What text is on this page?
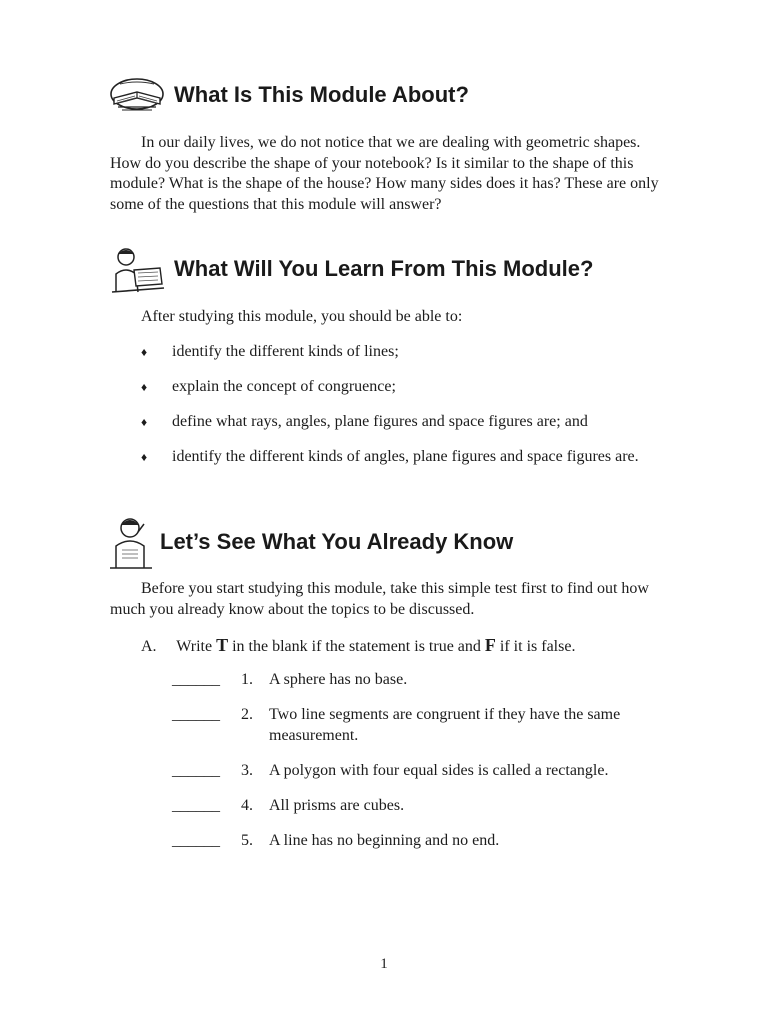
What Is This Module About?
In our daily lives, we do not notice that we are dealing with geometric shapes. How do you describe the shape of your notebook? Is it similar to the shape of this module? What is the shape of the house? How many sides does it has? These are only some of the questions that this module will answer?
What Will You Learn From This Module?
After studying this module, you should be able to:
♦ identify the different kinds of lines;
♦ explain the concept of congruence;
♦ define what rays, angles, plane figures and space figures are; and
♦ identify the different kinds of angles, plane figures and space figures are.
Let’s See What You Already Know
Before you start studying this module, take this simple test first to find out how much you already know about the topics to be discussed.
A. Write T in the blank if the statement is true and F if it is false.
______ 1. A sphere has no base.
______ 2. Two line segments are congruent if they have the same measurement.
______ 3. A polygon with four equal sides is called a rectangle.
______ 4. All prisms are cubes.
______ 5. A line has no beginning and no end.
1
